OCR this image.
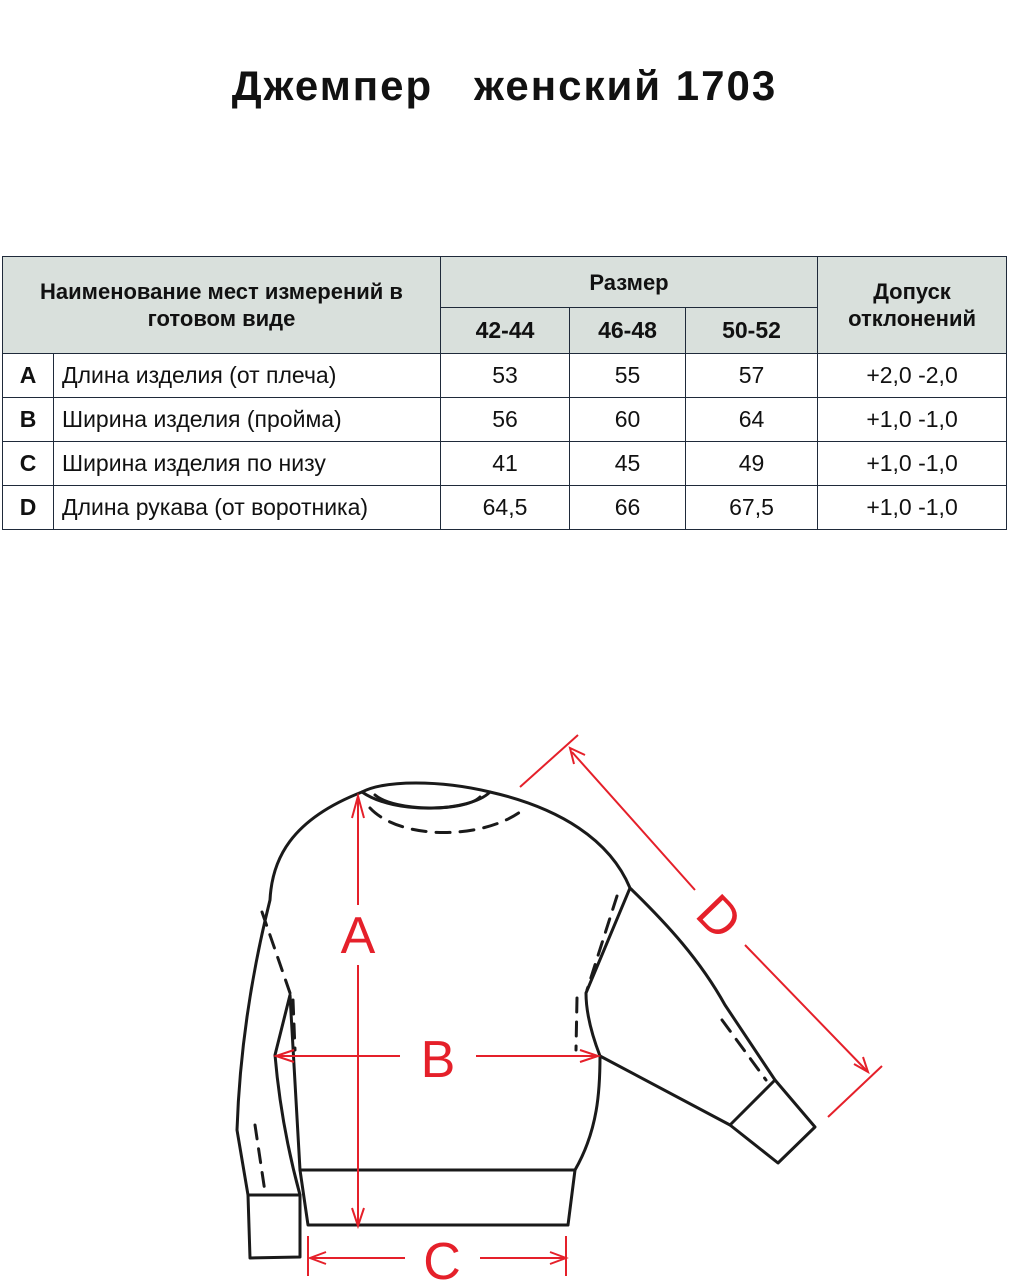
Джемпер   женский 1703
Наименование мест измерений в готовом виде		Размер			Допуск отклонений
		42-44	46-48	50-52	
A	Длина изделия (от плеча)	53	55	57	+2,0 -2,0
B	Ширина изделия (пройма)	56	60	64	+1,0 -1,0
C	Ширина изделия по низу	41	45	49	+1,0 -1,0
D	Длина рукава (от воротника)	64,5	66	67,5	+1,0 -1,0
A
B
C
D
